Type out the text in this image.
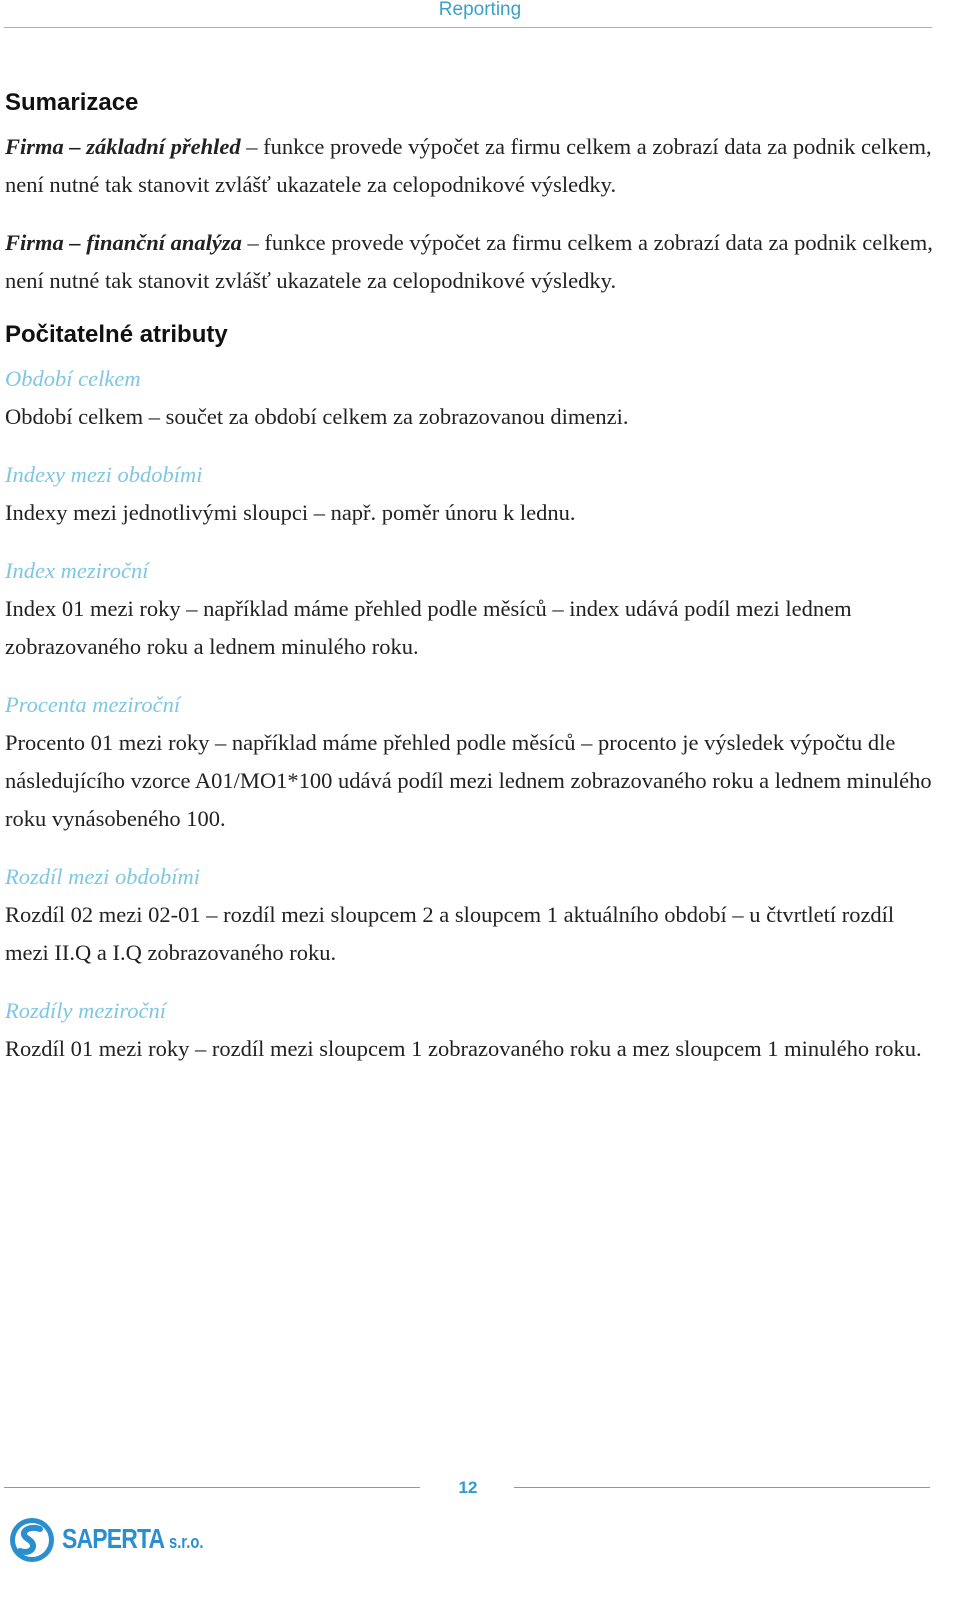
Reporting
Sumarizace

Firma – základní přehled – funkce provede výpočet za firmu celkem a zobrazí data za podnik celkem, není nutné tak stanovit zvlášť ukazatele za celopodnikové výsledky.

Firma – finanční analýza – funkce provede výpočet za firmu celkem a zobrazí data za podnik celkem, není nutné tak stanovit zvlášť ukazatele za celopodnikové výsledky.

Počitatelné atributy
Období celkem

Období celkem – součet za období celkem za zobrazovanou dimenzi.

Indexy mezi obdobími

Indexy mezi jednotlivými sloupci – např. poměr únoru k lednu.

Index meziroční

Index 01 mezi roky – například máme přehled podle měsíců – index udává podíl mezi lednem zobrazovaného roku a lednem minulého roku.

Procenta meziroční

Procento 01 mezi roky – například máme přehled podle měsíců – procento je výsledek výpočtu dle následujícího vzorce A01/MO1*100 udává podíl mezi lednem zobrazovaného roku a lednem minulého roku vynásobeného 100.

Rozdíl mezi obdobími

Rozdíl 02 mezi 02-01 – rozdíl mezi sloupcem 2 a sloupcem 1 aktuálního období – u čtvrtletí rozdíl mezi II.Q a I.Q zobrazovaného roku.

Rozdíly meziroční

Rozdíl 01 mezi roky – rozdíl mezi sloupcem 1 zobrazovaného roku a mez sloupcem 1 minulého roku.

12
SAPERTA s.r.o.
